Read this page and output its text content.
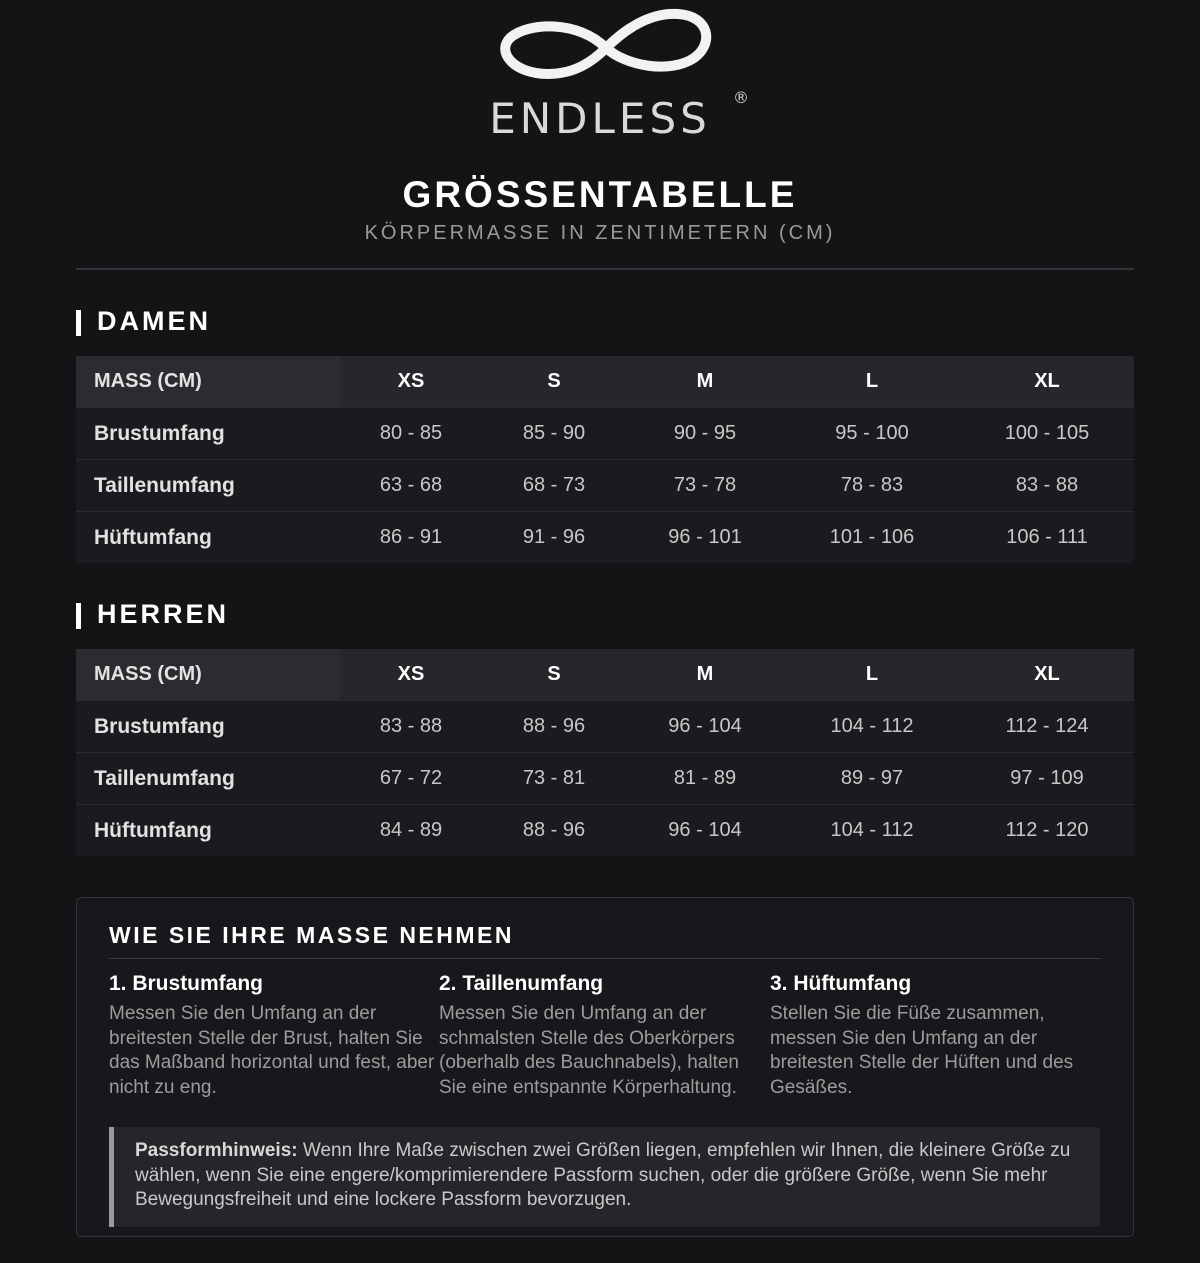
ENDLESS	®
GRÖSSENTABELLE
KÖRPERMASSE IN ZENTIMETERN (CM)
DAMEN
MASS (CM)	XS	S	M	L	XL
Brustumfang	80 - 85	85 - 90	90 - 95	95 - 100	100 - 105
Taillenumfang	63 - 68	68 - 73	73 - 78	78 - 83	83 - 88
Hüftumfang	86 - 91	91 - 96	96 - 101	101 - 106	106 - 111
HERREN
MASS (CM)	XS	S	M	L	XL
Brustumfang	83 - 88	88 - 96	96 - 104	104 - 112	112 - 124
Taillenumfang	67 - 72	73 - 81	81 - 89	89 - 97	97 - 109
Hüftumfang	84 - 89	88 - 96	96 - 104	104 - 112	112 - 120
WIE SIE IHRE MASSE NEHMEN
1. Brustumfang
Messen Sie den Umfang an der breitesten Stelle der Brust, halten Sie das Maßband horizontal und fest, aber nicht zu eng.
2. Taillenumfang
Messen Sie den Umfang an der schmalsten Stelle des Oberkörpers (oberhalb des Bauchnabels), halten Sie eine entspannte Körperhaltung.
3. Hüftumfang
Stellen Sie die Füße zusammen, messen Sie den Umfang an der breitesten Stelle der Hüften und des Gesäßes.
Passformhinweis: Wenn Ihre Maße zwischen zwei Größen liegen, empfehlen wir Ihnen, die kleinere Größe zu wählen, wenn Sie eine engere/komprimierendere Passform suchen, oder die größere Größe, wenn Sie mehr Bewegungsfreiheit und eine lockere Passform bevorzugen.
